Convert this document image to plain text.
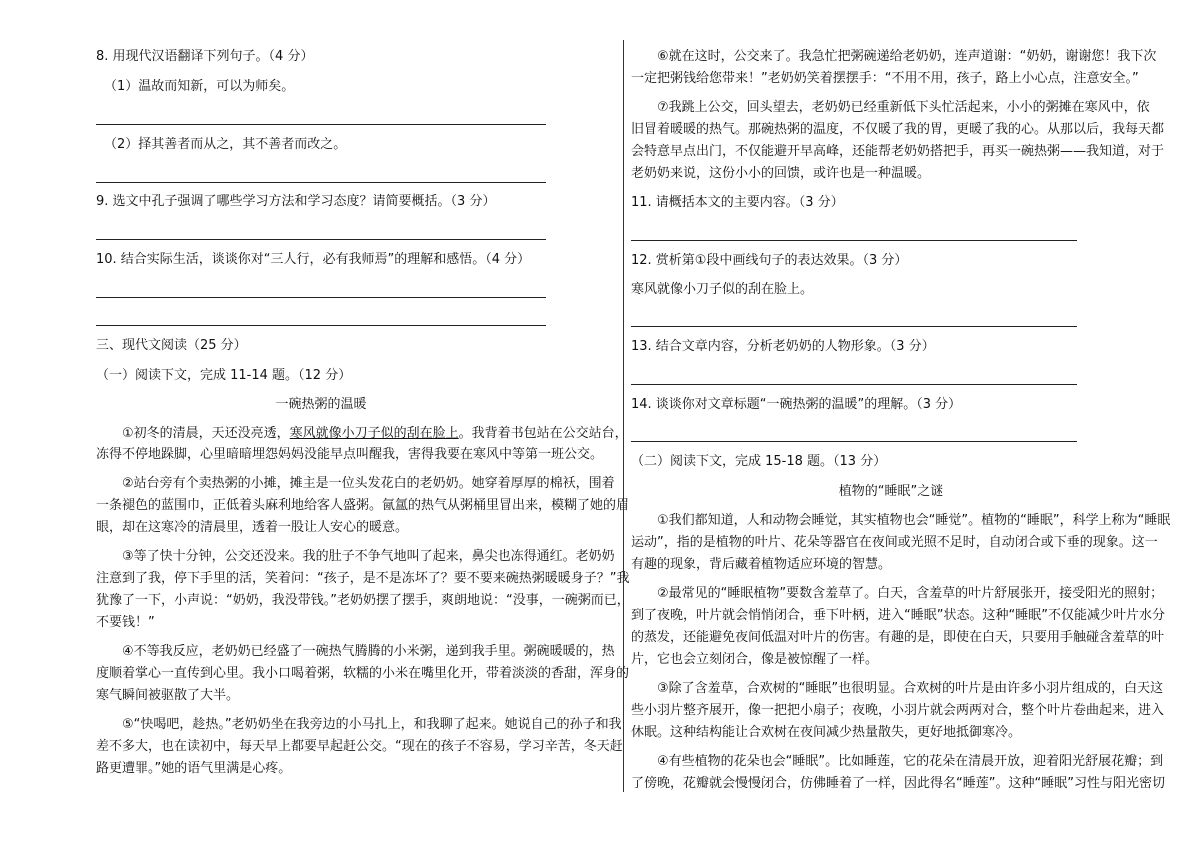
8. 用现代汉语翻译下列句子。（4 分）
（1）温故而知新，可以为师矣。
（2）择其善者而从之，其不善者而改之。
9. 选文中孔子强调了哪些学习方法和学习态度？请简要概括。（3 分）
10. 结合实际生活，谈谈你对“三人行，必有我师焉”的理解和感悟。（4 分）
三、现代文阅读（25 分）
（一）阅读下文，完成 11-14 题。（12 分）
一碗热粥的温暖
①初冬的清晨，天还没亮透，寒风就像小刀子似的刮在脸上。我背着书包站在公交站台，
冻得不停地跺脚，心里暗暗埋怨妈妈没能早点叫醒我，害得我要在寒风中等第一班公交。
②站台旁有个卖热粥的小摊，摊主是一位头发花白的老奶奶。她穿着厚厚的棉袄，围着
一条褪色的蓝围巾，正低着头麻利地给客人盛粥。氤氲的热气从粥桶里冒出来，模糊了她的眉
眼，却在这寒冷的清晨里，透着一股让人安心的暖意。
③等了快十分钟，公交还没来。我的肚子不争气地叫了起来，鼻尖也冻得通红。老奶奶
注意到了我，停下手里的活，笑着问：“孩子，是不是冻坏了？要不要来碗热粥暖暖身子？”我
犹豫了一下，小声说：“奶奶，我没带钱。”老奶奶摆了摆手，爽朗地说：“没事，一碗粥而已，
不要钱！”
④不等我反应，老奶奶已经盛了一碗热气腾腾的小米粥，递到我手里。粥碗暖暖的，热
度顺着掌心一直传到心里。我小口喝着粥，软糯的小米在嘴里化开，带着淡淡的香甜，浑身的
寒气瞬间被驱散了大半。
⑤“快喝吧，趁热。”老奶奶坐在我旁边的小马扎上，和我聊了起来。她说自己的孙子和我
差不多大，也在读初中，每天早上都要早起赶公交。“现在的孩子不容易，学习辛苦，冬天赶
路更遭罪。”她的语气里满是心疼。
⑥就在这时，公交来了。我急忙把粥碗递给老奶奶，连声道谢：“奶奶，谢谢您！我下次
一定把粥钱给您带来！”老奶奶笑着摆摆手：“不用不用，孩子，路上小心点，注意安全。”
⑦我跳上公交，回头望去，老奶奶已经重新低下头忙活起来，小小的粥摊在寒风中，依
旧冒着暖暖的热气。那碗热粥的温度，不仅暖了我的胃，更暖了我的心。从那以后，我每天都
会特意早点出门，不仅能避开早高峰，还能帮老奶奶搭把手，再买一碗热粥——我知道，对于
老奶奶来说，这份小小的回馈，或许也是一种温暖。
11. 请概括本文的主要内容。（3 分）
12. 赏析第①段中画线句子的表达效果。（3 分）
寒风就像小刀子似的刮在脸上。
13. 结合文章内容，分析老奶奶的人物形象。（3 分）
14. 谈谈你对文章标题“一碗热粥的温暖”的理解。（3 分）
（二）阅读下文，完成 15-18 题。（13 分）
植物的“睡眠”之谜
①我们都知道，人和动物会睡觉，其实植物也会“睡觉”。植物的“睡眠”，科学上称为“睡眠
运动”，指的是植物的叶片、花朵等器官在夜间或光照不足时，自动闭合或下垂的现象。这一
有趣的现象，背后藏着植物适应环境的智慧。
②最常见的“睡眠植物”要数含羞草了。白天，含羞草的叶片舒展张开，接受阳光的照射；
到了夜晚，叶片就会悄悄闭合，垂下叶柄，进入“睡眠”状态。这种“睡眠”不仅能减少叶片水分
的蒸发，还能避免夜间低温对叶片的伤害。有趣的是，即使在白天，只要用手触碰含羞草的叶
片，它也会立刻闭合，像是被惊醒了一样。
③除了含羞草，合欢树的“睡眠”也很明显。合欢树的叶片是由许多小羽片组成的，白天这
些小羽片整齐展开，像一把把小扇子；夜晚，小羽片就会两两对合，整个叶片卷曲起来，进入
休眠。这种结构能让合欢树在夜间减少热量散失，更好地抵御寒冷。
④有些植物的花朵也会“睡眠”。比如睡莲，它的花朵在清晨开放，迎着阳光舒展花瓣；到
了傍晚，花瓣就会慢慢闭合，仿佛睡着了一样，因此得名“睡莲”。这种“睡眠”习性与阳光密切
